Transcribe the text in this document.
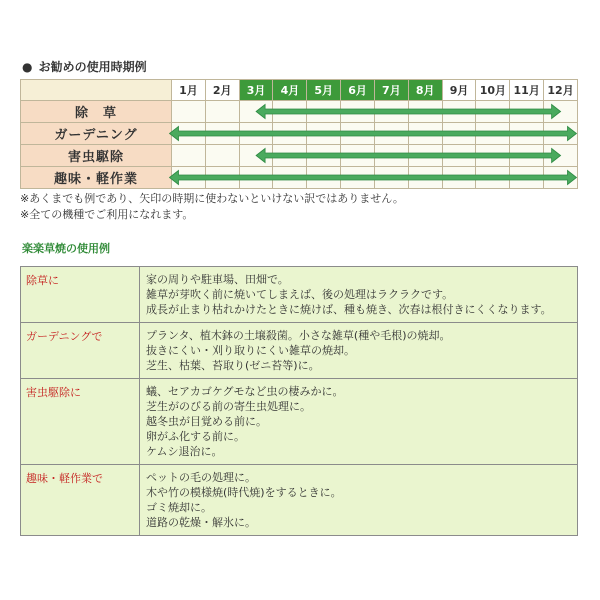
● お勧めの使用時期例
	1月	2月	3月	4月	5月	6月	7月	8月	9月	10月	11月	12月
除　草												
ガーデニング												
害虫駆除												
趣味・軽作業												
※あくまでも例であり、矢印の時期に使わないといけない訳ではありません。
※全ての機種でご利用になれます。
楽楽草焼の使用例
除草に	家の周りや駐車場、田畑で。
雑草が芽吹く前に焼いてしまえば、後の処理はラクラクです。
成長が止まり枯れかけたときに焼けば、種も焼き、次春は根付きにくくなります。

ガーデニングで	プランタ、植木鉢の土壌殺菌。小さな雑草(種や毛根)の焼却。
抜きにくい・刈り取りにくい雑草の焼却。
芝生、枯葉、苔取り(ゼニ苔等)に。

害虫駆除に	蟻、セアカゴケグモなど虫の棲みかに。
芝生がのびる前の寄生虫処理に。
越冬虫が目覚める前に。
卵がふ化する前に。
ケムシ退治に。

趣味・軽作業で	ペットの毛の処理に。
木や竹の模様焼(時代焼)をするときに。
ゴミ焼却に。
道路の乾燥・解氷に。
